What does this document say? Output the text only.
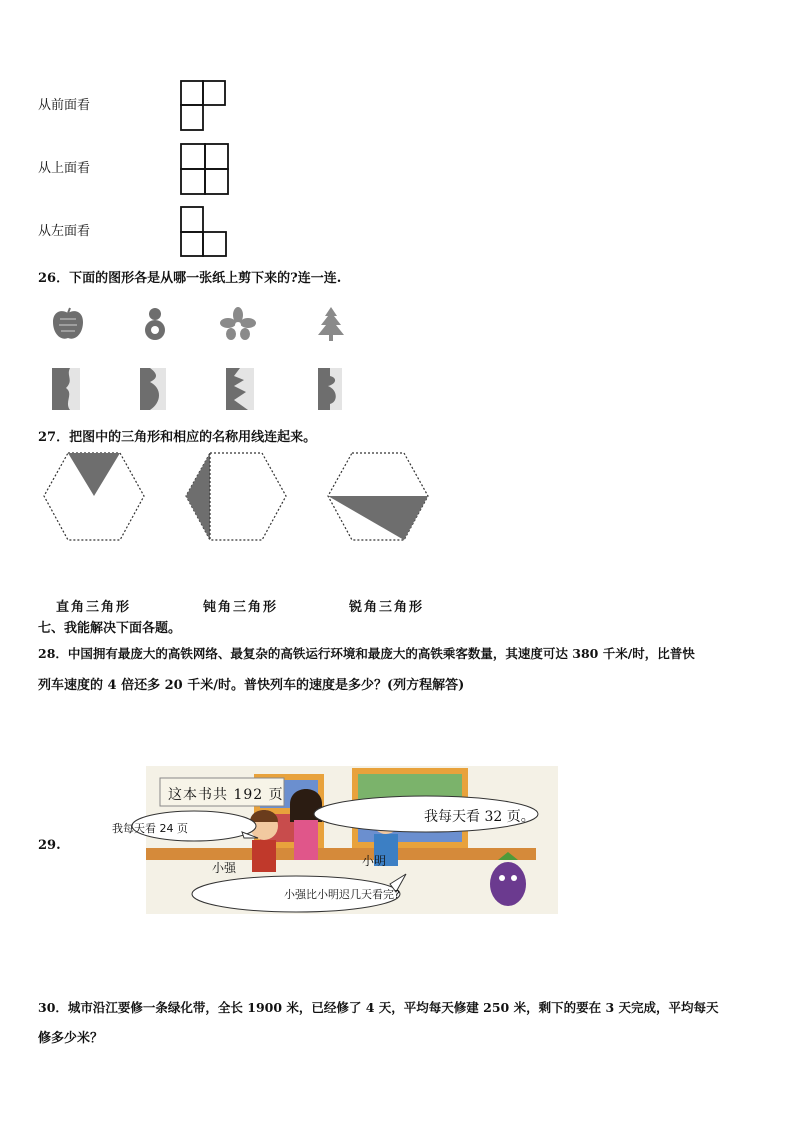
从前面看
从上面看
从左面看
26．下面的图形各是从哪一张纸上剪下来的?连一连.
27．把图中的三角形和相应的名称用线连起来。
直角三角形	钝角三角形	锐角三角形
七、我能解决下面各题。
28．中国拥有最庞大的高铁网络、最复杂的高铁运行环境和最庞大的高铁乘客数量，其速度可达 380 千米/时，比普快
列车速度的 4 倍还多 20 千米/时。普快列车的速度是多少？(列方程解答)
29.
这本书共 192 页
我每天看 24 页
我每天看 32 页。
小强	小明
小强比小明迟几天看完?
30．城市沿江要修一条绿化带，全长 1900 米，已经修了 4 天，平均每天修建 250 米，剩下的要在 3 天完成，平均每天
修多少米？
